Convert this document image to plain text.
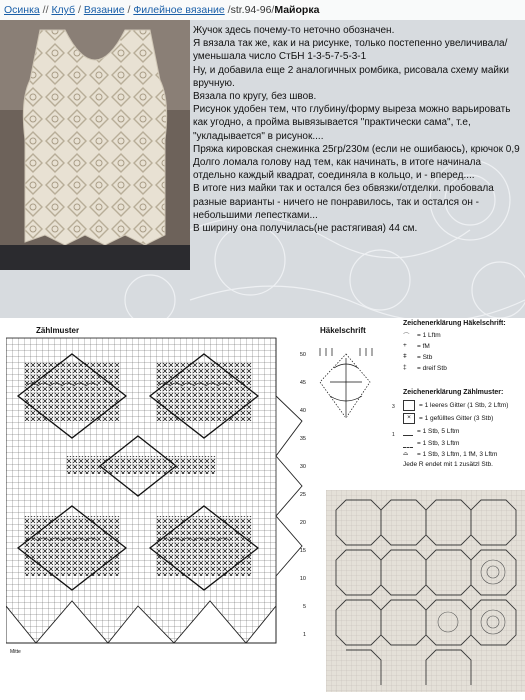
Осинка // Клуб / Вязание / Филейное вязание /str.94-96/Майорка

Жучок здесь почему-то неточно обозначен.

Я вязала так же, как и на рисунке, только постепенно увеличивала/уменьшала число СтБН 1-3-5-7-5-3-1

Ну, и добавила еще 2 аналогичных ромбика, рисовала схему майки вручную.

Вязала по кругу, без швов.

Рисунок удобен тем, что глубину/форму выреза можно варьировать как угодно, а пройма вывязывается "практически сама", т.е, "укладывается" в рисунок....

Пряжа кировская снежинка 25гр/230м (если не ошибаюсь), крючок 0,9

Долго ломала голову над тем, как начинать, в итоге начинала отдельно каждый квадрат, соединяла в кольцо, и - вперед....

В итоге низ майки так и остался без обвязки/отделки. пробовала разные варианты - ничего не понравилось, так и остался он - небольшими лепестками...

В ширину она получилась(не растягивая) 44 см.

Zählmuster	Häkelschrift
50
45
40
35
30
25
20
15
10
5
1
Mitte
3
1
Zeichenerklärung Häkelschrift:
⌒	= 1 Lftm
+	= fM
ǂ	= Stb
‡	= dreif Stb
Zeichenerklärung Zählmuster:
= 1 leeres Gitter (1 Stb, 2 Lftm)
×	= 1 gefülltes Gitter (3 Stb)
= 1 Stb, 5 Lftm
= 1 Stb, 3 Lftm
⌓	= 1 Stb, 3 Lftm, 1 fM, 3 Lftm
Jede R endet mit 1 zusätzl Stb.
